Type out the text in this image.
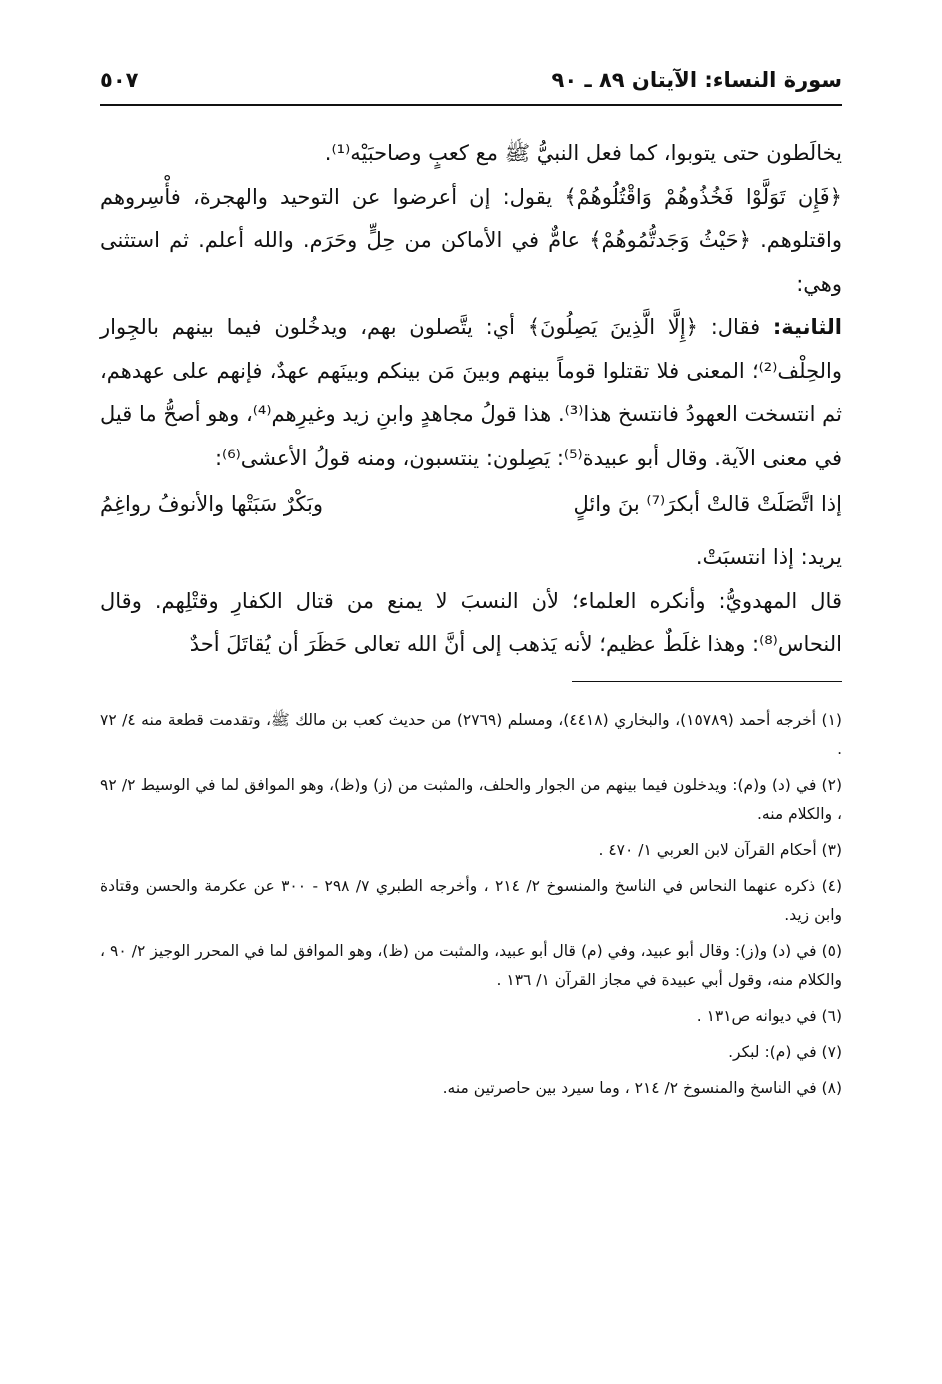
سورة النساء: الآيتان ٨٩ ـ ٩٠
٥٠٧

يخالَطون حتى يتوبوا، كما فعل النبيُّ ﷺ مع كعبٍ وصاحبَيْه⁽¹⁾.

﴿فَإِن تَوَلَّوْا فَخُذُوهُمْ وَاقْتُلُوهُمْ﴾ يقول: إن أعرضوا عن التوحيد والهجرة، فأْسِروهم واقتلوهم. ﴿حَيْثُ وَجَدتُّمُوهُمْ﴾ عامٌّ في الأماكن من حِلٍّ وحَرَم. والله أعلم. ثم استثنى وهي:

الثانية: فقال: ﴿إِلَّا الَّذِينَ يَصِلُونَ﴾ أي: يتَّصلون بهم، ويدخُلون فيما بينهم بالجِوار والحِلْف⁽²⁾؛ المعنى فلا تقتلوا قوماً بينهم وبينَ مَن بينكم وبينَهم عهدٌ، فإنهم على عهدهم، ثم انتسخت العهودُ فانتسخ هذا⁽³⁾. هذا قولُ مجاهدٍ وابنِ زيد وغيرِهم⁽⁴⁾، وهو أصحُّ ما قيل في معنى الآية. وقال أبو عبيدة⁽⁵⁾: يَصِلون: ينتسبون، ومنه قولُ الأعشى⁽⁶⁾:

إذا اتَّصَلَتْ قالتْ أبكرَ⁽⁷⁾ بنَ وائلٍ
وبَكْرٌ سَبَتْها والأنوفُ رواغِمُ

يريد: إذا انتسبَتْ.

قال المهدويُّ: وأنكره العلماء؛ لأن النسبَ لا يمنع من قتال الكفارِ وقتْلِهم. وقال النحاس⁽⁸⁾: وهذا غلَطٌ عظيم؛ لأنه يَذهب إلى أنَّ الله تعالى حَظَرَ أن يُقاتَلَ أحدٌ

(١) أخرجه أحمد (١٥٧٨٩)، والبخاري (٤٤١٨)، ومسلم (٢٧٦٩) من حديث كعب بن مالك ﷺ، وتقدمت قطعة منه ٤/ ٧٢ .

(٢) في (د) و(م): ويدخلون فيما بينهم من الجوار والحلف، والمثبت من (ز) و(ظ)، وهو الموافق لما في الوسيط ٢/ ٩٢ ، والكلام منه.

(٣) أحكام القرآن لابن العربي ١/ ٤٧٠ .

(٤) ذكره عنهما النحاس في الناسخ والمنسوخ ٢/ ٢١٤ ، وأخرجه الطبري ٧/ ٢٩٨ - ٣٠٠ عن عكرمة والحسن وقتادة وابن زيد.

(٥) في (د) و(ز): وقال أبو عبيد، وفي (م) قال أبو عبيد، والمثبت من (ظ)، وهو الموافق لما في المحرر الوجيز ٢/ ٩٠ ، والكلام منه، وقول أبي عبيدة في مجاز القرآن ١/ ١٣٦ .

(٦) في ديوانه ص١٣١ .

(٧) في (م): لبكر.

(٨) في الناسخ والمنسوخ ٢/ ٢١٤ ، وما سيرد بين حاصرتين منه.
